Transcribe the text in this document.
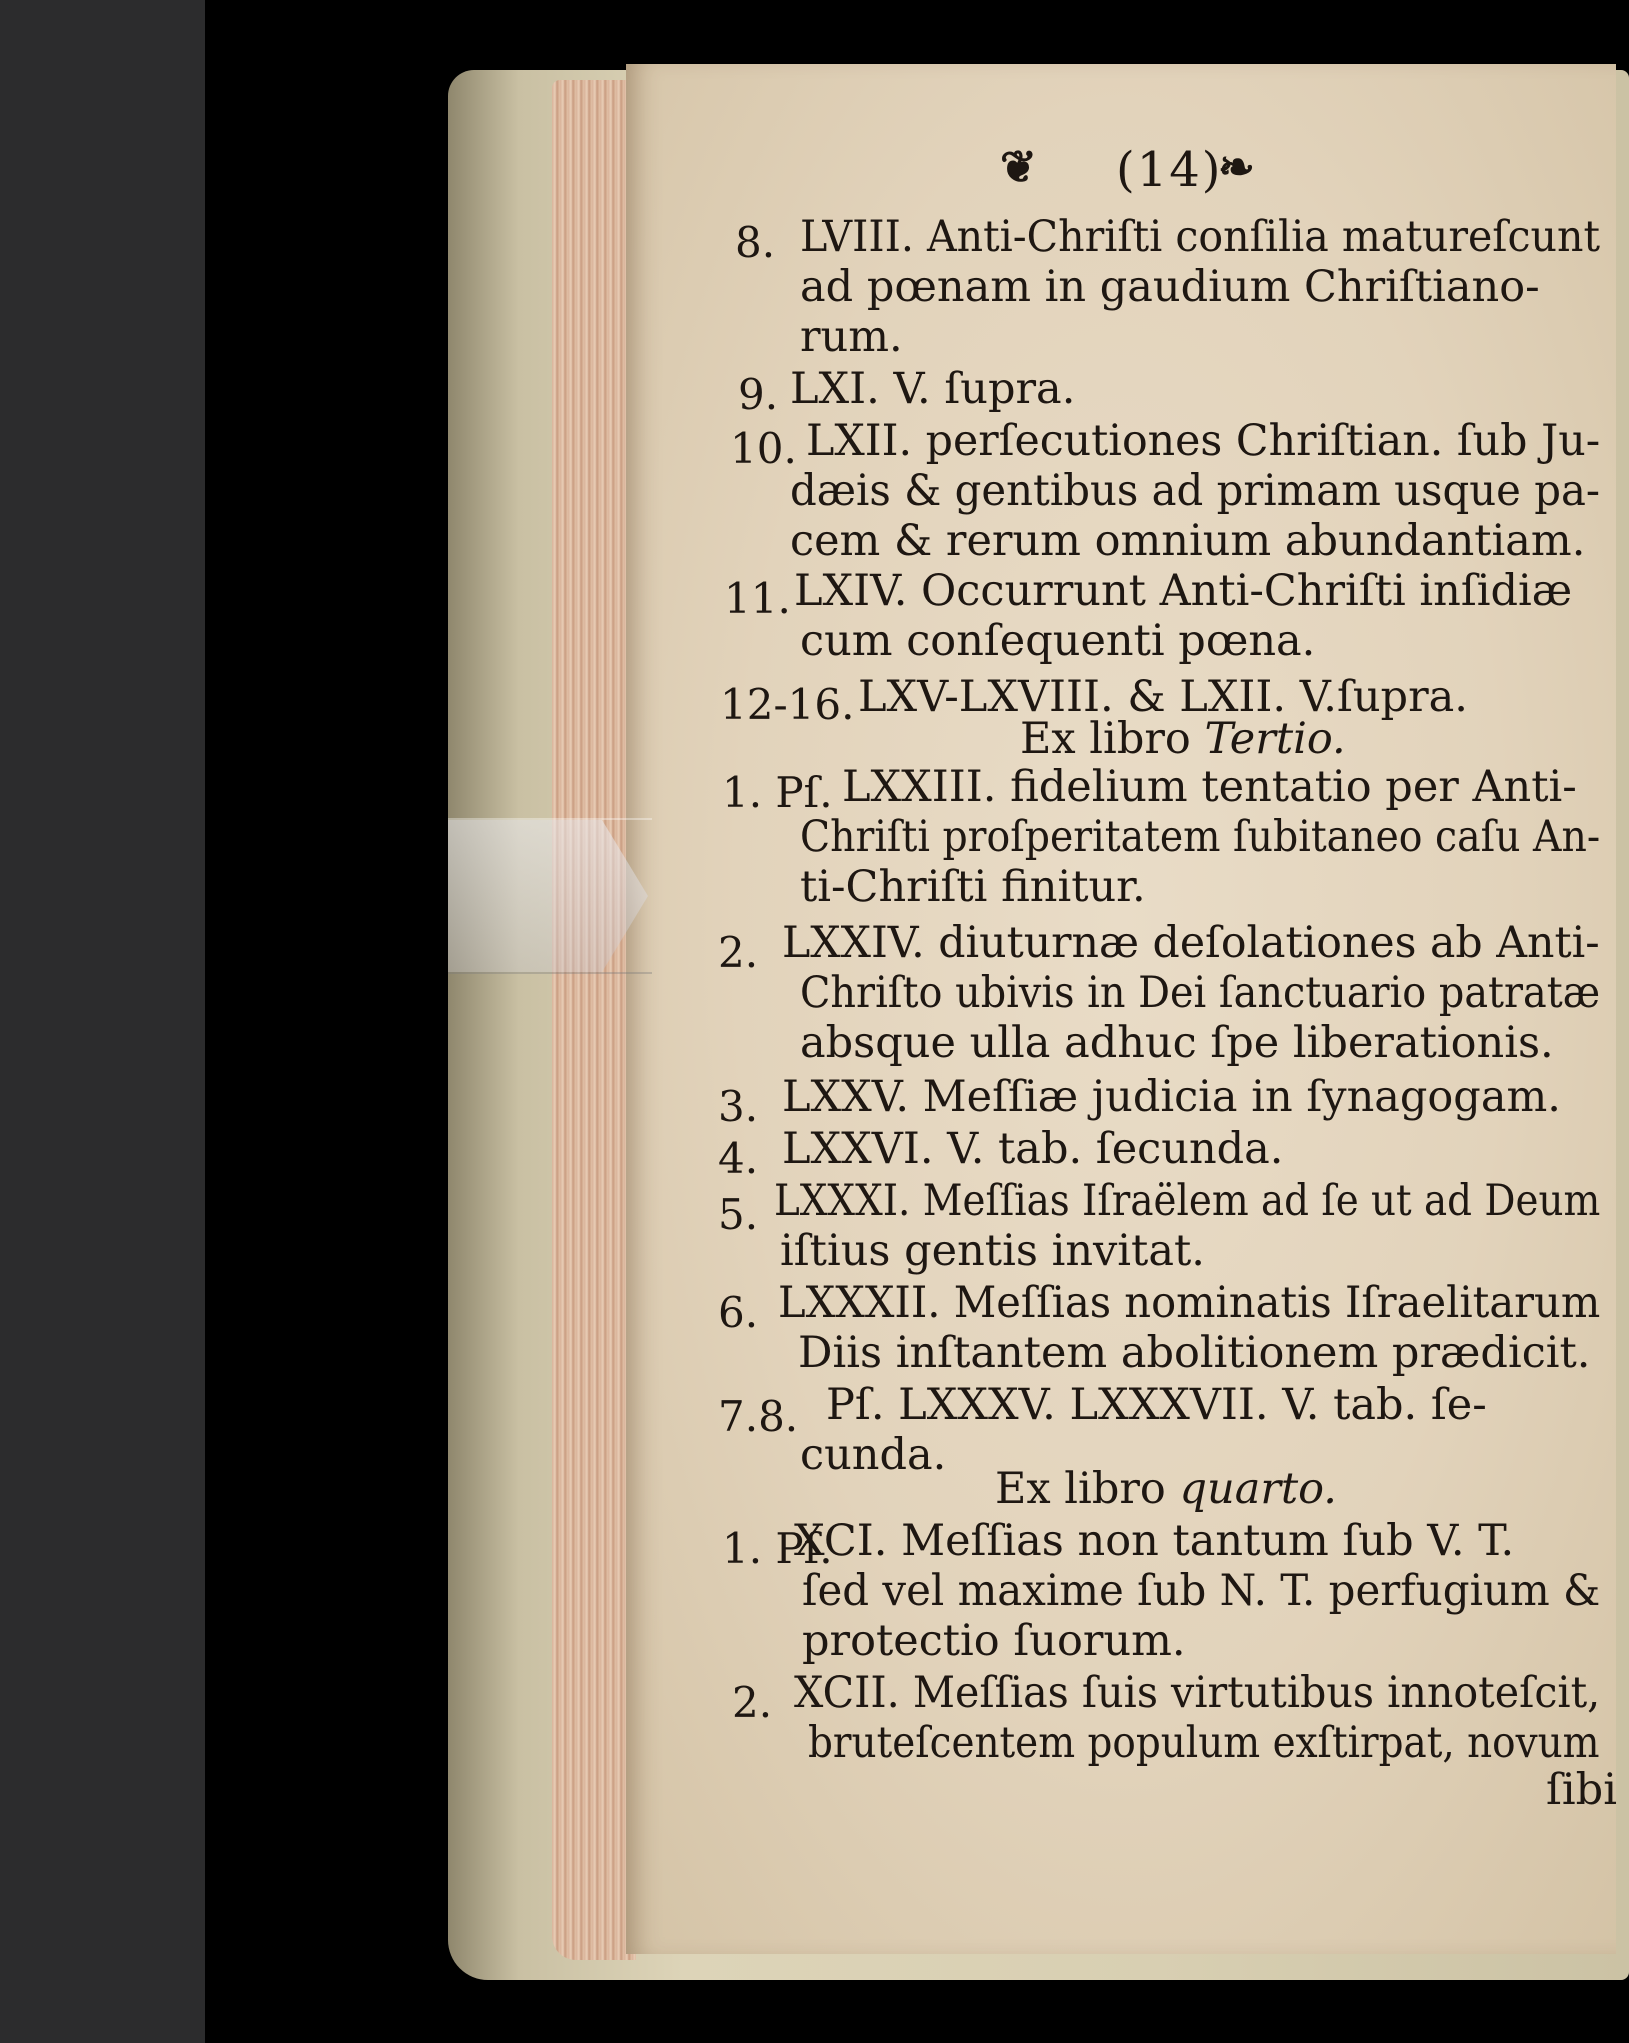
❦ (14)
❧
8. LVIII. Anti-Chriſti conſilia matureſcunt
ad pœnam in gaudium Chriſtiano-
rum.
9. LXI. V. ſupra.
10. LXII. perſecutiones Chriſtian. ſub Ju-
dæis & gentibus ad primam usque pa-
cem & rerum omnium abundantiam.
11. LXIV. Occurrunt Anti-Chriſti inſidiæ
cum conſequenti pœna.
12-16. LXV-LXVIII. & LXII. V.ſupra.
Ex libro Tertio.
1. Pſ. LXXIII. fidelium tentatio per Anti-
Chriſti proſperitatem ſubitaneo caſu An-
ti-Chriſti finitur.
2. LXXIV. diuturnæ deſolationes ab Anti-
Chriſto ubivis in Dei ſanctuario patratæ
absque ulla adhuc ſpe liberationis.
3. LXXV. Meſſiæ judicia in ſynagogam.
4. LXXVI. V. tab. ſecunda.
5. LXXXI. Meſſias Iſraëlem ad ſe ut ad Deum
iſtius gentis invitat.
6. LXXXII. Meſſias nominatis Iſraelitarum
Diis inſtantem abolitionem prædicit.
7.8. Pſ. LXXXV. LXXXVII. V. tab. ſe-
cunda.
Ex libro quarto.
1. Pſ.
XCI. Meſſias non tantum ſub V. T.
ſed vel maxime ſub N. T. perfugium &
protectio ſuorum.
2. XCII. Meſſias ſuis virtutibus innoteſcit,
bruteſcentem populum exſtirpat, novum
ſibi
